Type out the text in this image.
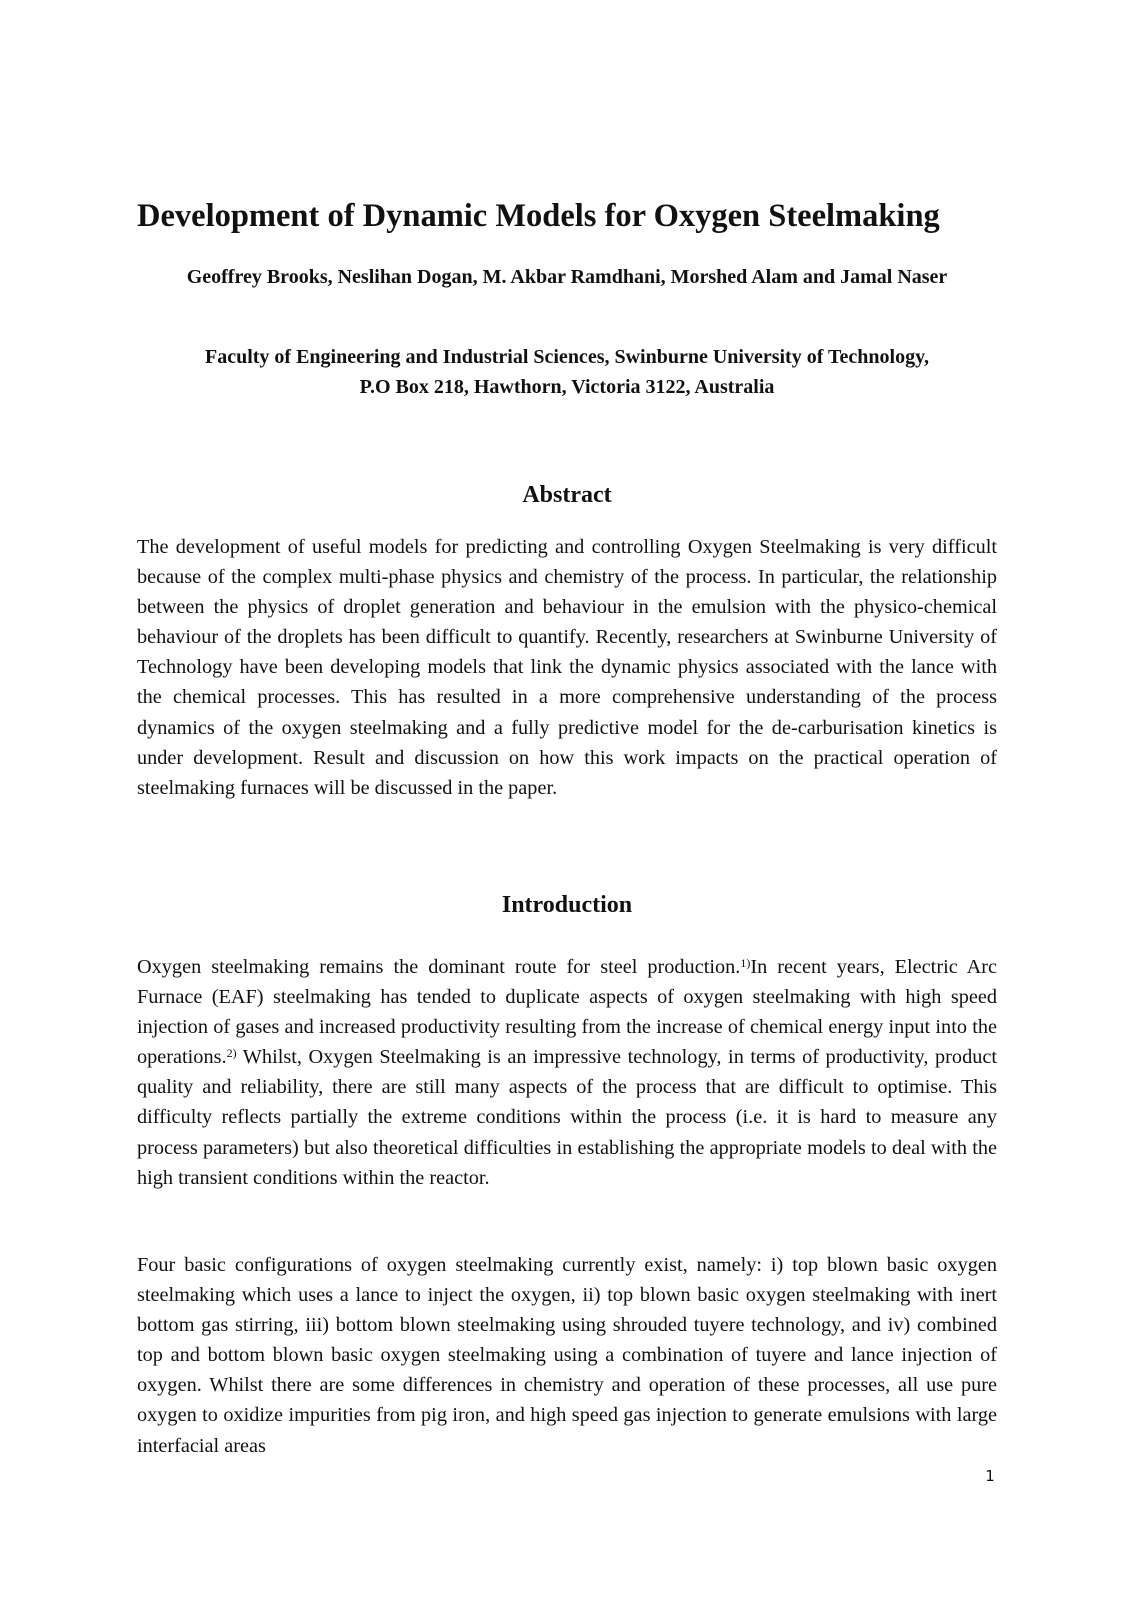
Development of Dynamic Models for Oxygen Steelmaking

Geoffrey Brooks, Neslihan Dogan, M. Akbar Ramdhani, Morshed Alam and Jamal Naser

Faculty of Engineering and Industrial Sciences, Swinburne University of Technology,
P.O Box 218, Hawthorn, Victoria 3122, Australia
Abstract

The development of useful models for predicting and controlling Oxygen Steelmaking is very difficult because of the complex multi-phase physics and chemistry of the process. In particular, the relationship between the physics of droplet generation and behaviour in the emulsion with the physico-chemical behaviour of the droplets has been difficult to quantify. Recently, researchers at Swinburne University of Technology have been developing models that link the dynamic physics associated with the lance with the chemical processes. This has resulted in a more comprehensive understanding of the process dynamics of the oxygen steelmaking and a fully predictive model for the de-carburisation kinetics is under development. Result and discussion on how this work impacts on the practical operation of steelmaking furnaces will be discussed in the paper.

Introduction

Oxygen steelmaking remains the dominant route for steel production.$^{1)}$In recent years, Electric Arc Furnace (EAF) steelmaking has tended to duplicate aspects of oxygen steelmaking with high speed injection of gases and increased productivity resulting from the increase of chemical energy input into the operations.$^{2)}$ Whilst, Oxygen Steelmaking is an impressive technology, in terms of productivity, product quality and reliability, there are still many aspects of the process that are difficult to optimise. This difficulty reflects partially the extreme conditions within the process (i.e. it is hard to measure any process parameters) but also theoretical difficulties in establishing the appropriate models to deal with the high transient conditions within the reactor.

Four basic configurations of oxygen steelmaking currently exist, namely: i) top blown basic oxygen steelmaking which uses a lance to inject the oxygen, ii) top blown basic oxygen steelmaking with inert bottom gas stirring, iii) bottom blown steelmaking using shrouded tuyere technology, and iv) combined top and bottom blown basic oxygen steelmaking using a combination of tuyere and lance injection of oxygen. Whilst there are some differences in chemistry and operation of these processes, all use pure oxygen to oxidize impurities from pig iron, and high speed gas injection to generate emulsions with large interfacial areas

1
